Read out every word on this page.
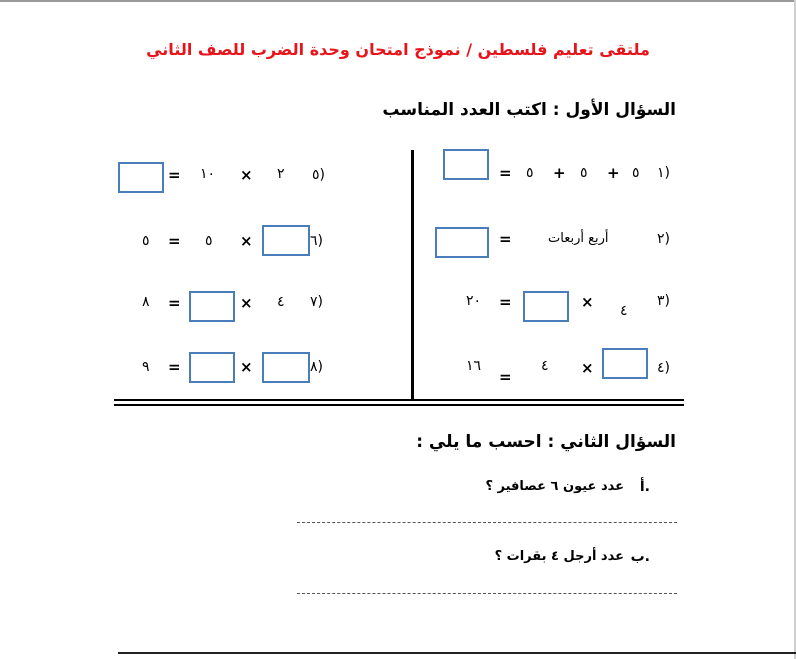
ملتقى تعليم فلسطين / نموذج امتحان وحدة الضرب للصف الثاني
السؤال الأول : اكتب العدد المناسب
١)
٥
+
٥
+
٥
=
٢)
أربع أربعات
=
٣)
٤
×
=
٢٠
٤)
×
٤
=
١٦
٥)
٢
×
١٠
=
٦)
×
٥
=
٥
٧)
٤
×
=
٨
٨)
×
=
٩
السؤال الثاني : احسب ما يلي :
أ.
عدد عيون ٦ عصافير ؟
ب.
عدد أرجل ٤ بقرات ؟
